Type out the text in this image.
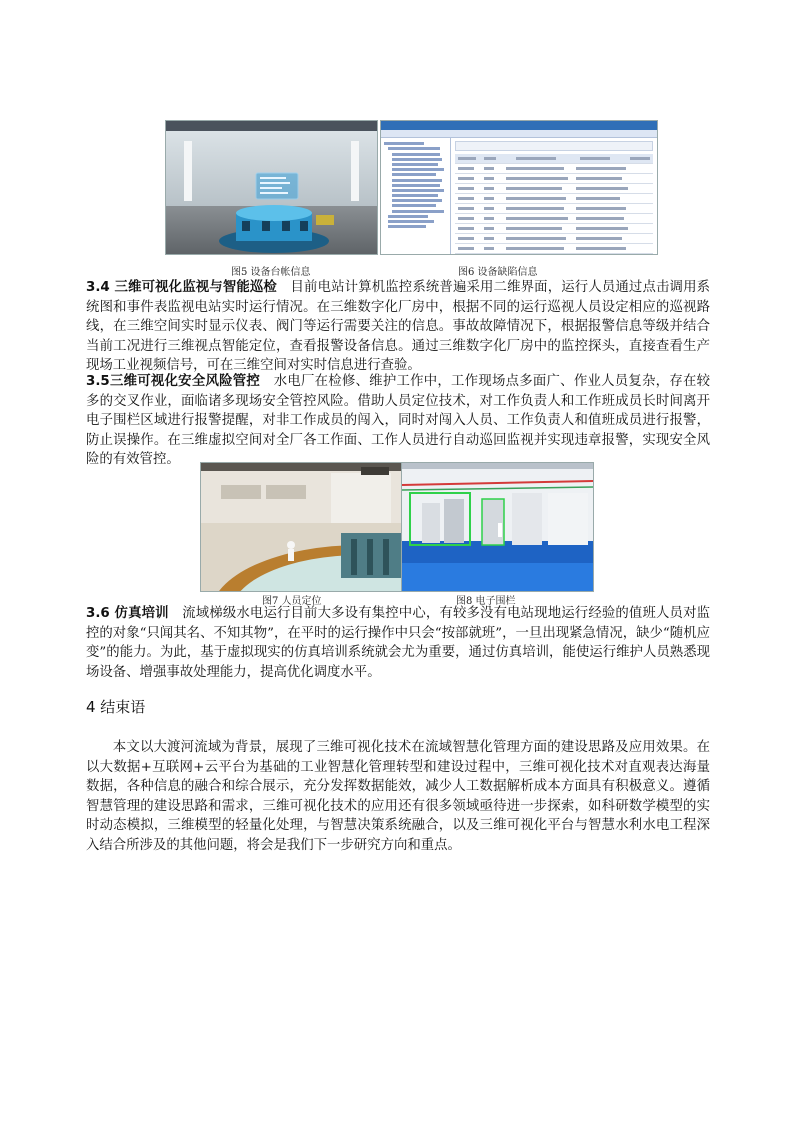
图5 设备台帐信息	图6 设备缺陷信息
3.4 三维可视化监视与智能巡检  目前电站计算机监控系统普遍采用二维界面，运行人员通过点击调用系统图和事件表监视电站实时运行情况。在三维数字化厂房中，根据不同的运行巡视人员设定相应的巡视路线，在三维空间实时显示仪表、阀门等运行需要关注的信息。事故故障情况下，根据报警信息等级并结合当前工况进行三维视点智能定位，查看报警设备信息。通过三维数字化厂房中的监控探头，直接查看生产现场工业视频信号，可在三维空间对实时信息进行查验。
3.5三维可视化安全风险管控  水电厂在检修、维护工作中，工作现场点多面广、作业人员复杂，存在较多的交叉作业，面临诸多现场安全管控风险。借助人员定位技术，对工作负责人和工作班成员长时间离开电子围栏区域进行报警提醒，对非工作成员的闯入，同时对闯入人员、工作负责人和值班成员进行报警，防止误操作。在三维虚拟空间对全厂各工作面、工作人员进行自动巡回监视并实现违章报警，实现安全风险的有效管控。
图7 人员定位	图8 电子围栏
3.6 仿真培训  流域梯级水电运行目前大多设有集控中心，有较多没有电站现地运行经验的值班人员对监控的对象“只闻其名、不知其物”，在平时的运行操作中只会“按部就班”，一旦出现紧急情况，缺少“随机应变”的能力。为此，基于虚拟现实的仿真培训系统就会尤为重要，通过仿真培训，能使运行维护人员熟悉现场设备、增强事故处理能力，提高优化调度水平。
4 结束语
本文以大渡河流域为背景，展现了三维可视化技术在流域智慧化管理方面的建设思路及应用效果。在以大数据+互联网+云平台为基础的工业智慧化管理转型和建设过程中，三维可视化技术对直观表达海量数据，各种信息的融合和综合展示，充分发挥数据能效，减少人工数据解析成本方面具有积极意义。遵循智慧管理的建设思路和需求，三维可视化技术的应用还有很多领域亟待进一步探索，如科研数学模型的实时动态模拟，三维模型的轻量化处理，与智慧决策系统融合，以及三维可视化平台与智慧水利水电工程深入结合所涉及的其他问题，将会是我们下一步研究方向和重点。
